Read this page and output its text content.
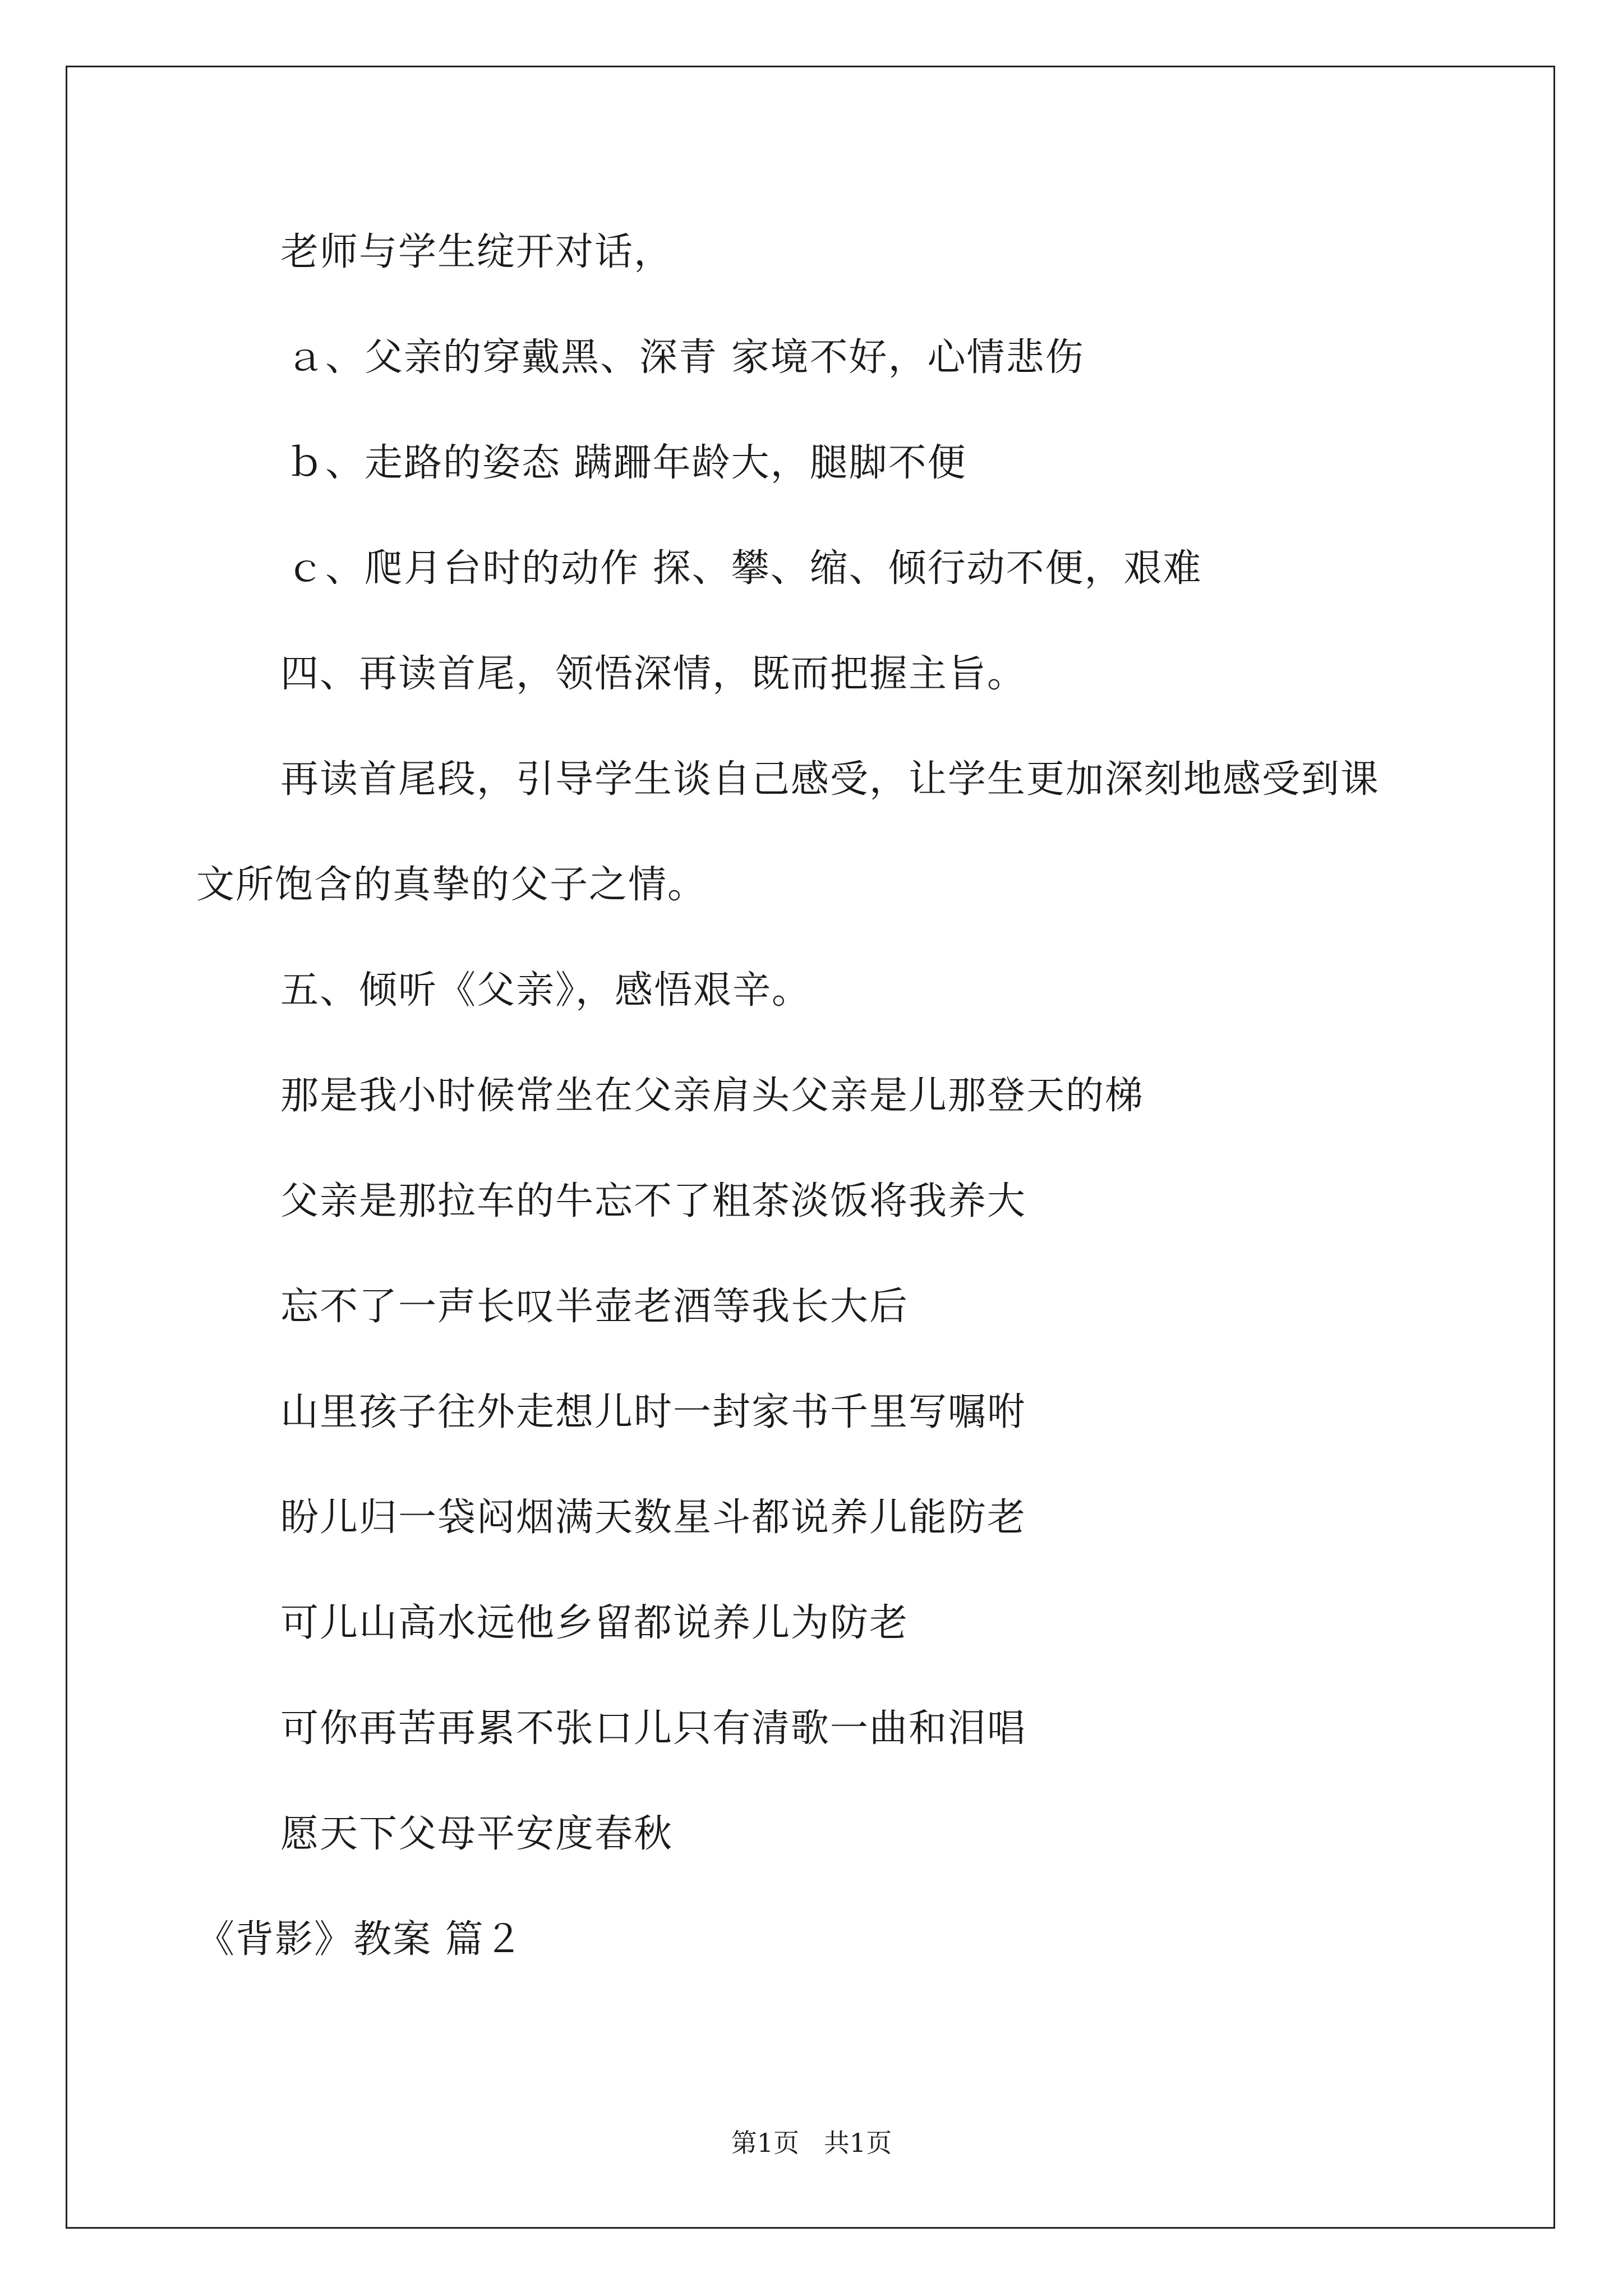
老师与学生绽开对话，
ａ、父亲的穿戴黑、深青 家境不好，心情悲伤
ｂ、走路的姿态 蹒跚年龄大，腿脚不便
ｃ、爬月台时的动作 探、攀、缩、倾行动不便，艰难
四、再读首尾，领悟深情，既而把握主旨。
再读首尾段，引导学生谈自己感受，让学生更加深刻地感受到课
文所饱含的真挚的父子之情。
五、倾听《父亲》，感悟艰辛。
那是我小时候常坐在父亲肩头父亲是儿那登天的梯
父亲是那拉车的牛忘不了粗茶淡饭将我养大
忘不了一声长叹半壶老酒等我长大后
山里孩子往外走想儿时一封家书千里写嘱咐
盼儿归一袋闷烟满天数星斗都说养儿能防老
可儿山高水远他乡留都说养儿为防老
可你再苦再累不张口儿只有清歌一曲和泪唱
愿天下父母平安度春秋
《背影》教案 篇２
第1页   共1页
